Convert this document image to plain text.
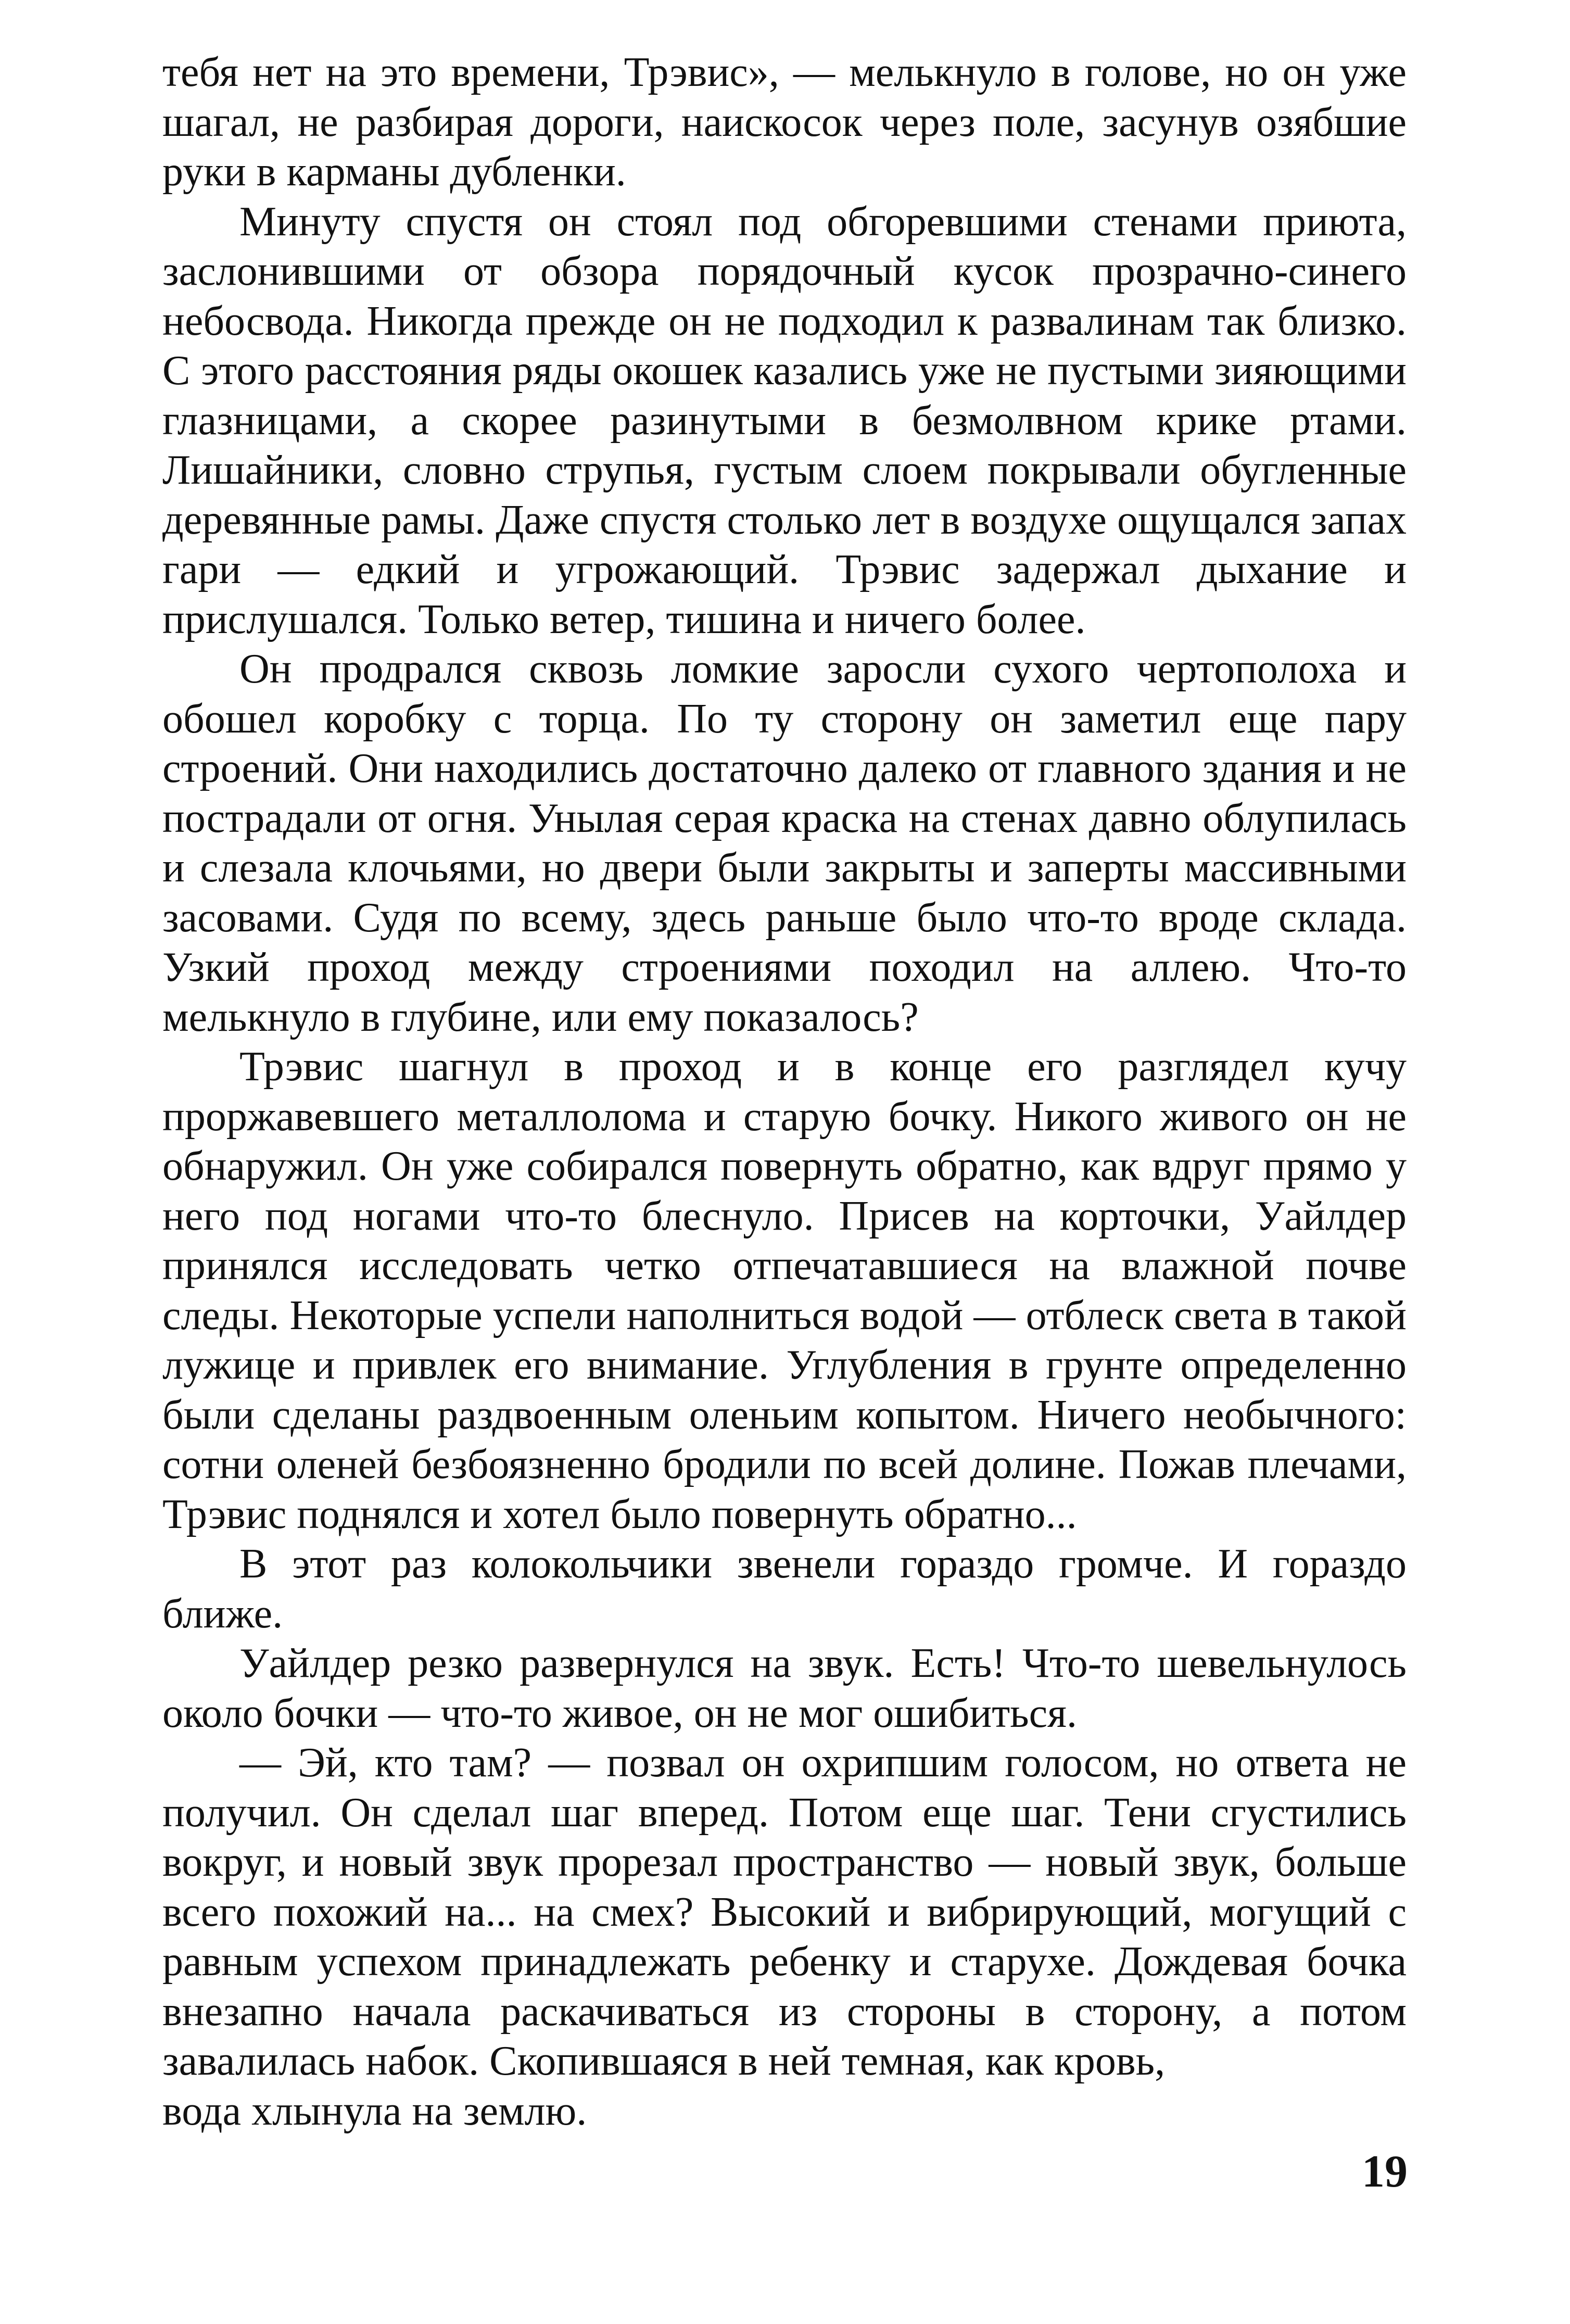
тебя нет на это времени, Трэвис», — мелькнуло в голове, но он уже шагал, не разбирая дороги, наискосок через поле, засунув озябшие руки в карманы дубленки.

Минуту спустя он стоял под обгоревшими стенами приюта, заслонившими от обзора порядочный кусок прозрачно-синего небосвода. Никогда прежде он не подходил к развалинам так близко. С этого расстояния ряды окошек казались уже не пустыми зияющими глазницами, а скорее разинутыми в безмолвном крике ртами. Лишайники, словно струпья, густым слоем покрывали обугленные деревянные рамы. Даже спустя столько лет в воздухе ощущался запах гари — едкий и угрожающий. Трэвис задержал дыхание и прислушался. Только ветер, тишина и ничего более.

Он продрался сквозь ломкие заросли сухого чертополоха и обошел коробку с торца. По ту сторону он заметил еще пару строений. Они находились достаточно далеко от главного здания и не пострадали от огня. Унылая серая краска на стенах давно облупилась и слезала клочьями, но двери были закрыты и заперты массивными засовами. Судя по всему, здесь раньше было что-то вроде склада. Узкий проход между строениями походил на аллею. Что-то мелькнуло в глубине, или ему показалось?

Трэвис шагнул в проход и в конце его разглядел кучу проржавевшего металлолома и старую бочку. Никого живого он не обнаружил. Он уже собирался повернуть обратно, как вдруг прямо у него под ногами что-то блеснуло. Присев на корточки, Уайлдер принялся исследовать четко отпечатавшиеся на влажной почве следы. Некоторые успели наполниться водой — отблеск света в такой лужице и привлек его внимание. Углубления в грунте определенно были сделаны раздвоенным оленьим копытом. Ничего необычного: сотни оленей безбоязненно бродили по всей долине. Пожав плечами, Трэвис поднялся и хотел было повернуть обратно...

В этот раз колокольчики звенели гораздо громче. И гораздо ближе.

Уайлдер резко развернулся на звук. Есть! Что-то шевельнулось около бочки — что-то живое, он не мог ошибиться.

— Эй, кто там? — позвал он охрипшим голосом, но ответа не получил. Он сделал шаг вперед. Потом еще шаг. Тени сгустились вокруг, и новый звук прорезал пространство — новый звук, больше всего похожий на... на смех? Высокий и вибрирующий, могущий с равным успехом принадлежать ребенку и старухе. Дождевая бочка внезапно начала раскачиваться из стороны в сторону, а потом завалилась набок. Скопившаяся в ней темная, как кровь,

вода хлынула на землю.
19
